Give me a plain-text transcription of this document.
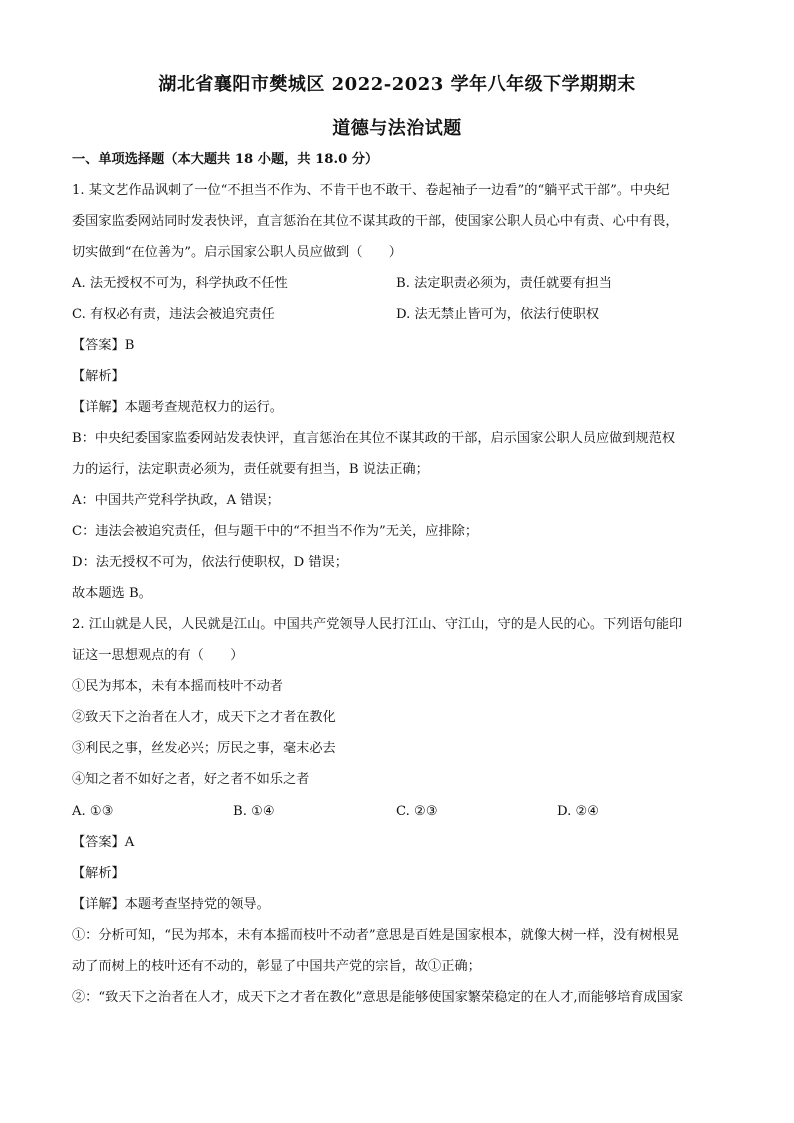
湖北省襄阳市樊城区 2022-2023 学年八年级下学期期末
道德与法治试题
一、单项选择题（本大题共 18 小题，共 18.0 分）
1. 某文艺作品讽刺了一位“不担当不作为、不肯干也不敢干、卷起袖子一边看”的“躺平式干部”。中央纪
委国家监委网站同时发表快评，直言惩治在其位不谋其政的干部，使国家公职人员心中有责、心中有畏，
切实做到“在位善为”。启示国家公职人员应做到（　　）
A. 法无授权不可为，科学执政不任性	B. 法定职责必须为，责任就要有担当
C. 有权必有责，违法会被追究责任	D. 法无禁止皆可为，依法行使职权
【答案】B
【解析】
【详解】本题考查规范权力的运行。
B：中央纪委国家监委网站发表快评，直言惩治在其位不谋其政的干部，启示国家公职人员应做到规范权
力的运行，法定职责必须为，责任就要有担当，B 说法正确；
A：中国共产党科学执政，A 错误；
C：违法会被追究责任，但与题干中的“不担当不作为”无关，应排除；
D：法无授权不可为，依法行使职权，D 错误；
故本题选 B。
2. 江山就是人民，人民就是江山。中国共产党领导人民打江山、守江山，守的是人民的心。下列语句能印
证这一思想观点的有（　　）
①民为邦本，未有本摇而枝叶不动者
②致天下之治者在人才，成天下之才者在教化
③利民之事，丝发必兴；厉民之事，毫末必去
④知之者不如好之者，好之者不如乐之者
A. ①③	B. ①④	C. ②③	D. ②④
【答案】A
【解析】
【详解】本题考查坚持党的领导。
①：分析可知，“民为邦本，未有本摇而枝叶不动者”意思是百姓是国家根本，就像大树一样，没有树根晃
动了而树上的枝叶还有不动的，彰显了中国共产党的宗旨，故①正确；
②：“致天下之治者在人才，成天下之才者在教化”意思是能够使国家繁荣稳定的在人才,而能够培育成国家
